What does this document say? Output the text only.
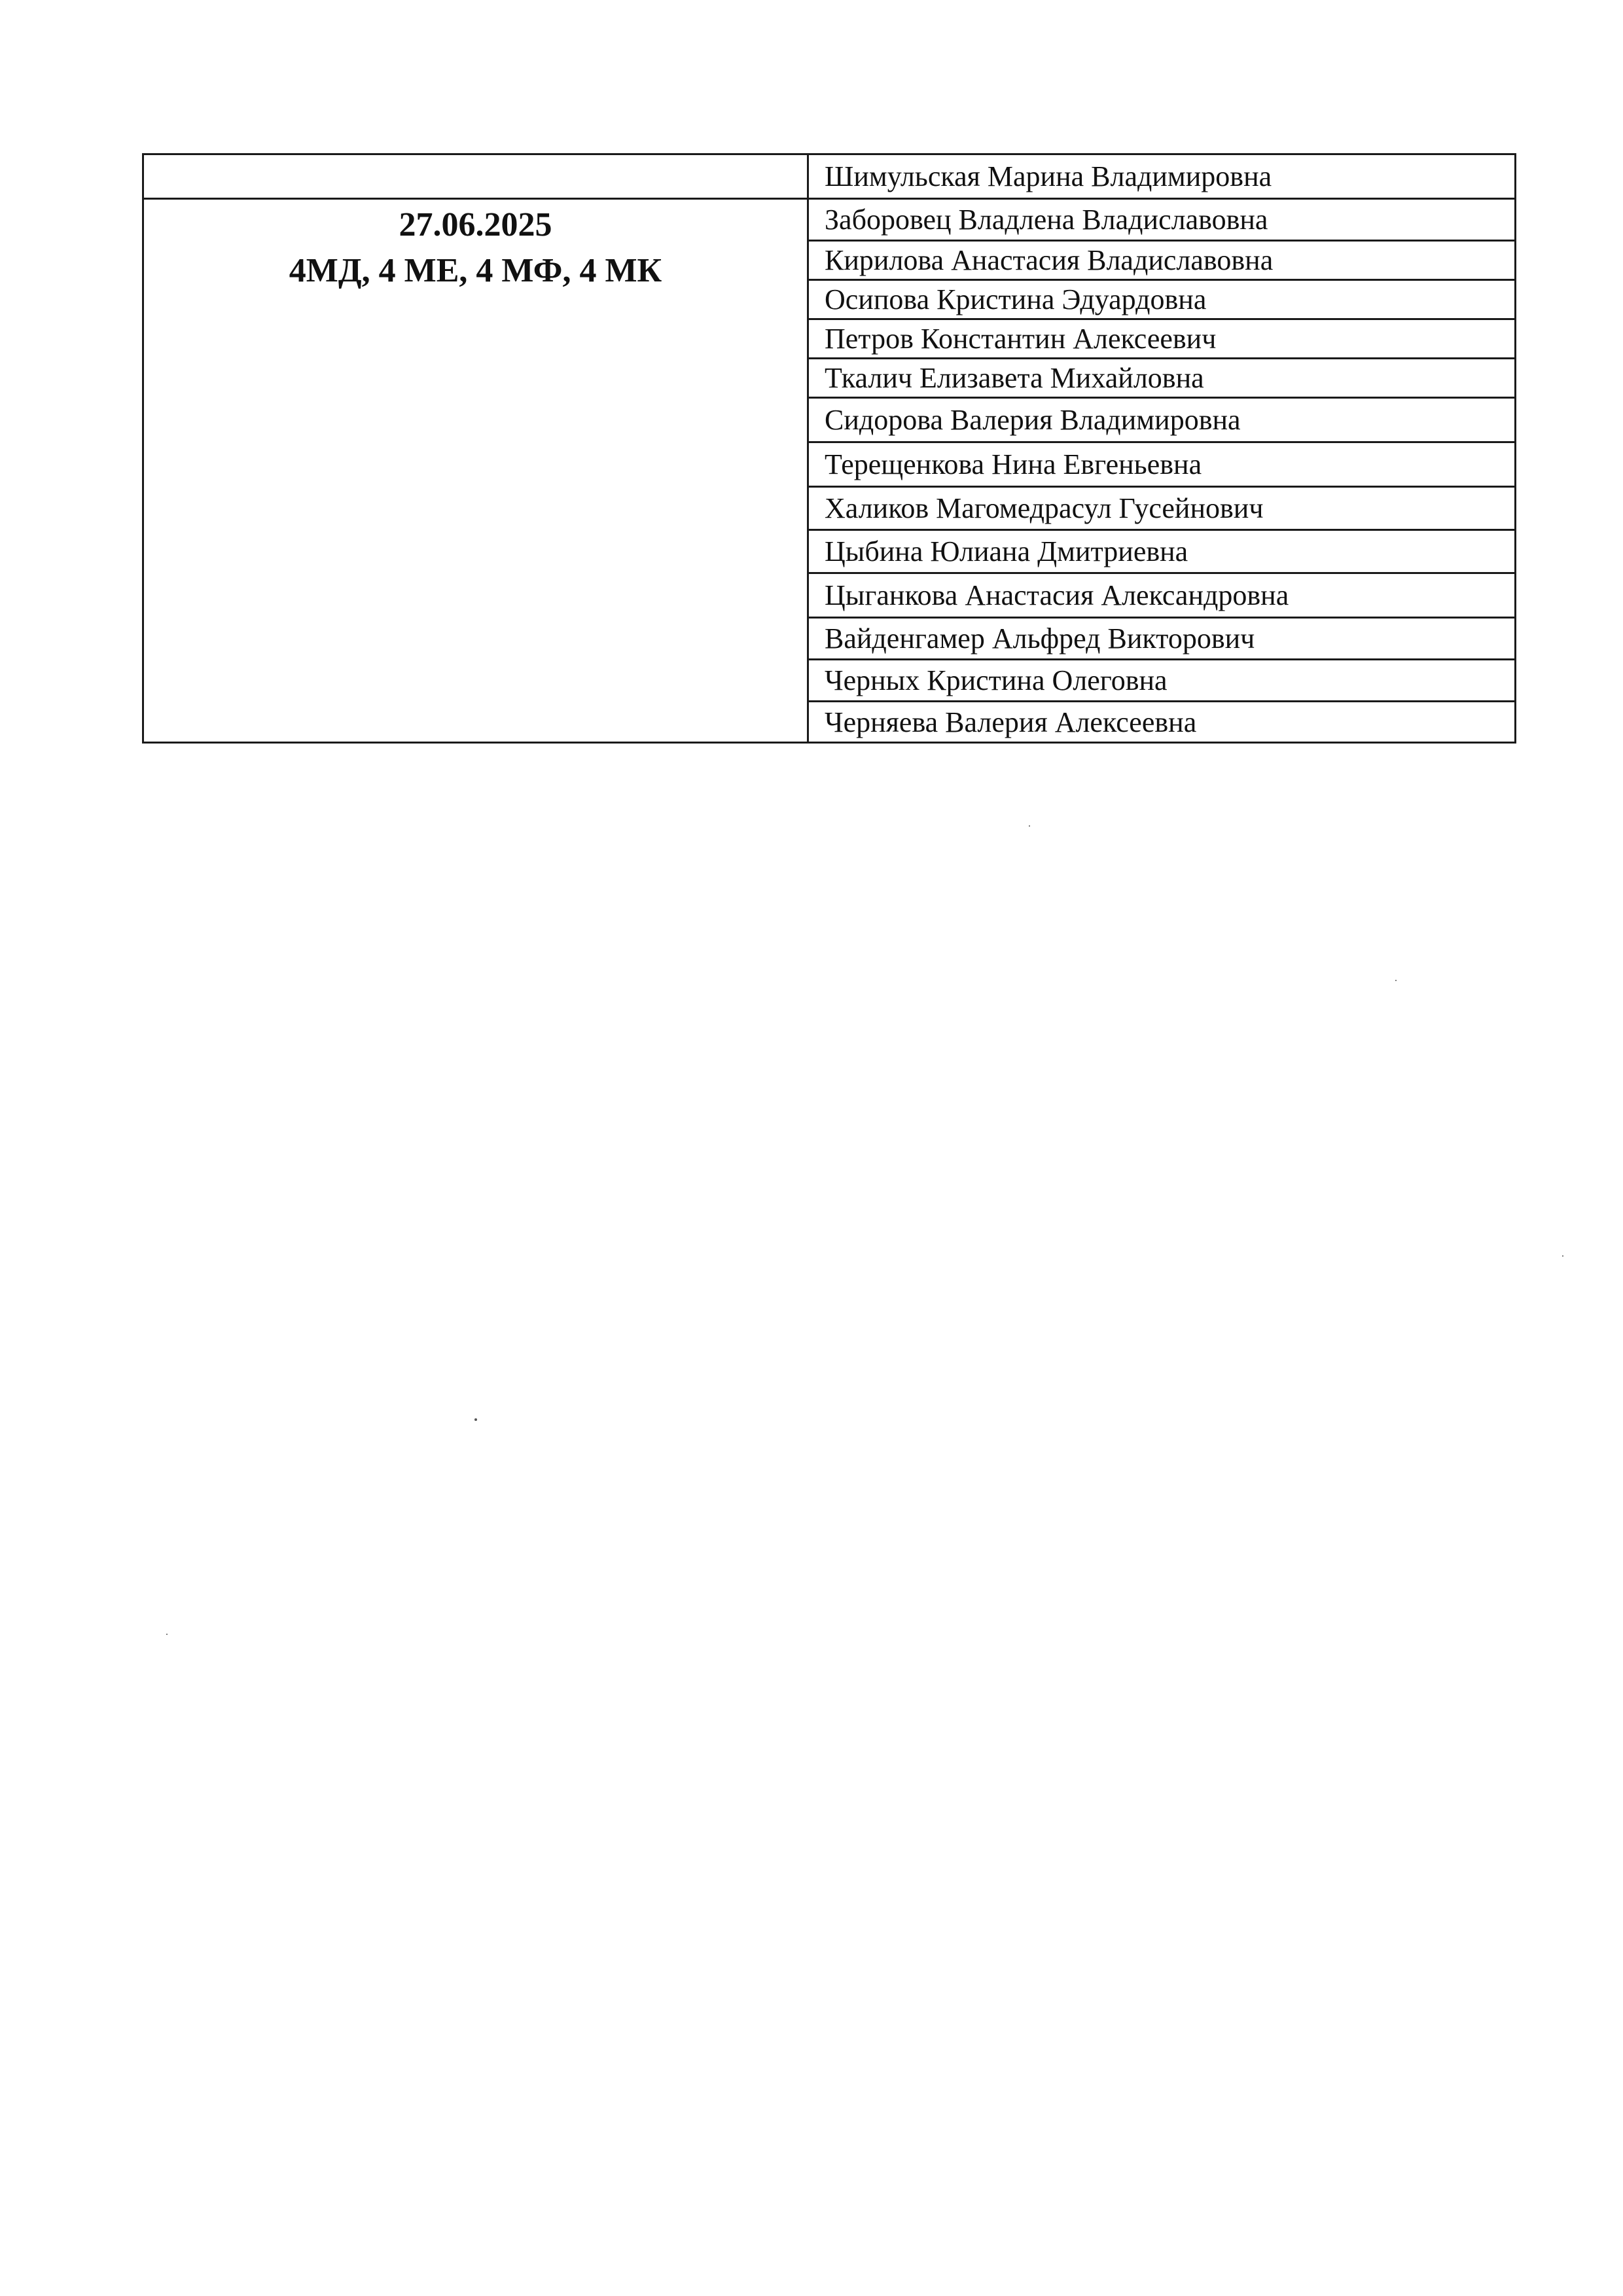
27.06.2025
4МД, 4 МЕ, 4 МФ, 4 МК
Шимульская Марина Владимировна
Заборовец Владлена Владиславовна
Кирилова Анастасия Владиславовна
Осипова Кристина Эдуардовна
Петров Константин Алексеевич
Ткалич Елизавета Михайловна
Сидорова Валерия Владимировна
Терещенкова Нина Евгеньевна
Халиков Магомедрасул Гусейнович
Цыбина Юлиана Дмитриевна
Цыганкова Анастасия Александровна
Вайденгамер Альфред Викторович
Черных Кристина Олеговна
Черняева Валерия Алексеевна
